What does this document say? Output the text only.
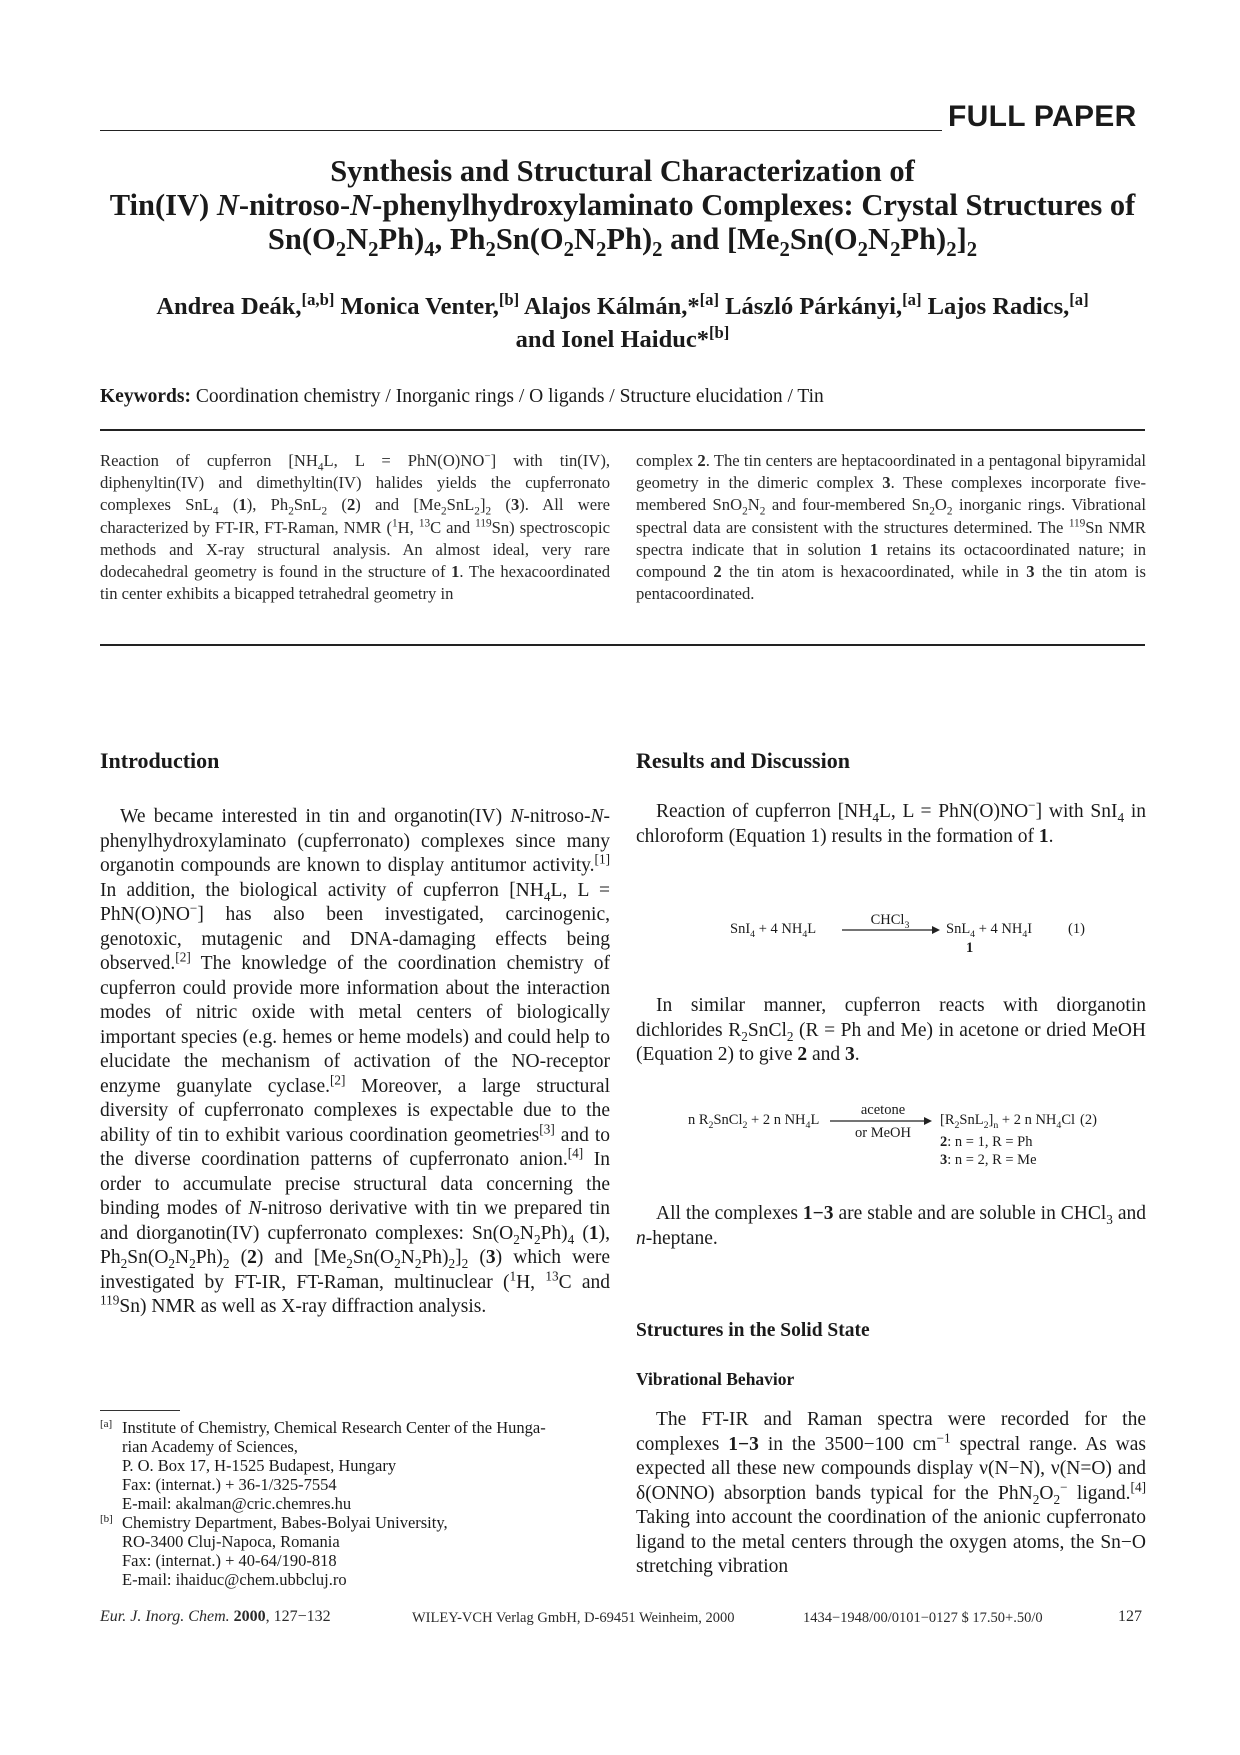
FULL PAPER
Synthesis and Structural Characterization of
Tin(IV) N-nitroso-N-phenylhydroxylaminato Complexes: Crystal Structures of
$Sn(O_2N_2Ph)_4$, $Ph_2Sn(O_2N_2Ph)_2$ and $[Me_2Sn(O_2N_2Ph)_2]_2$
Andrea Deák,[a,b] Monica Venter,[b] Alajos Kálmán,*[a] László Párkányi,[a] Lajos Radics,[a]
and Ionel Haiduc*[b]
Keywords: Coordination chemistry / Inorganic rings / O ligands / Structure elucidation / Tin
Reaction of cupferron [$NH_4L$, L = PhN(O)NO−] with tin(IV), diphenyltin(IV) and dimethyltin(IV) halides yields the cupferronato complexes SnL$_4$ (1), $Ph_2SnL_2$ (2) and $[Me_2SnL_2]_2$ (3). All were characterized by FT-IR, FT-Raman, NMR ($^1$H, $^{13}$C and $^{119}$Sn) spectroscopic methods and X-ray structural analysis. An almost ideal, very rare dodecahedral geometry is found in the structure of 1. The hexacoordinated tin center exhibits a bicapped tetrahedral geometry in
complex 2. The tin centers are heptacoordinated in a pentagonal bipyramidal geometry in the dimeric complex 3. These complexes incorporate five-membered $SnO_2N_2$ and four-membered $Sn_2O_2$ inorganic rings. Vibrational spectral data are consistent with the structures determined. The $^{119}$Sn NMR spectra indicate that in solution 1 retains its octacoordinated nature; in compound 2 the tin atom is hexacoordinated, while in 3 the tin atom is pentacoordinated.
Introduction
We became interested in tin and organotin(IV) N-nitroso-N-phenylhydroxylaminato (cupferronato) complexes since many organotin compounds are known to display antitumor activity.[1] In addition, the biological activity of cupferron [$NH_4L$, L = PhN(O)NO−] has also been investigated, carcinogenic, genotoxic, mutagenic and DNA-damaging effects being observed.[2] The knowledge of the coordination chemistry of cupferron could provide more information about the interaction modes of nitric oxide with metal centers of biologically important species (e.g. hemes or heme models) and could help to elucidate the mechanism of activation of the NO-receptor enzyme guanylate cyclase.[2] Moreover, a large structural diversity of cupferronato complexes is expectable due to the ability of tin to exhibit various coordination geometries[3] and to the diverse coordination patterns of cupferronato anion.[4] In order to accumulate precise structural data concerning the binding modes of N-nitroso derivative with tin we prepared tin and diorganotin(IV) cupferronato complexes: $Sn(O_2N_2Ph)_4$ (1), $Ph_2Sn(O_2N_2Ph)_2$ (2) and $[Me_2Sn(O_2N_2Ph)_2]_2$ (3) which were investigated by FT-IR, FT-Raman, multinuclear ($^1$H, $^{13}$C and $^{119}$Sn) NMR as well as X-ray diffraction analysis.
Results and Discussion
Reaction of cupferron [$NH_4L$, L = PhN(O)NO−] with SnI$_4$ in chloroform (Equation 1) results in the formation of 1.
SnI$_4$ + 4 $NH_4L$
CHCl$_3$	SnL$_4$ + 4 $NH_4I$ (1)
1
In similar manner, cupferron reacts with diorganotin dichlorides $R_2SnCl_2$ (R = Ph and Me) in acetone or dried MeOH (Equation 2) to give 2 and 3.
n $R_2SnCl_2 + 2$ n $NH_4L$
acetone
or MeOH
$[R_2SnL_2]_n + 2$ n $NH_4Cl$ (2)
2: n = 1, R = Ph
3: n = 2, R = Me
All the complexes 1−3 are stable and are soluble in CHCl$_3$ and n-heptane.
Structures in the Solid State
Vibrational Behavior
The FT-IR and Raman spectra were recorded for the complexes 1−3 in the 3500−100 $cm^{-1}$ spectral range. As was expected all these new compounds display ν(N−N), ν(N=O) and δ(ONNO) absorption bands typical for the $PhN_2O_2^-$ ligand.[4] Taking into account the coordination of the anionic cupferronato ligand to the metal centers through the oxygen atoms, the Sn−O stretching vibration
[a] Institute of Chemistry, Chemical Research Center of the Hunga-
rian Academy of Sciences,
P. O. Box 17, H-1525 Budapest, Hungary
Fax: (internat.) + 36-1/325-7554
E-mail: akalman@cric.chemres.hu
[b] Chemistry Department, Babes-Bolyai University,
RO-3400 Cluj-Napoca, Romania
Fax: (internat.) + 40-64/190-818
E-mail: ihaiduc@chem.ubbcluj.ro
Eur. J. Inorg. Chem. 2000, 127−132	WILEY-VCH Verlag GmbH, D-69451 Weinheim, 2000	1434−1948/00/0101−0127 $ 17.50+.50/0	127
